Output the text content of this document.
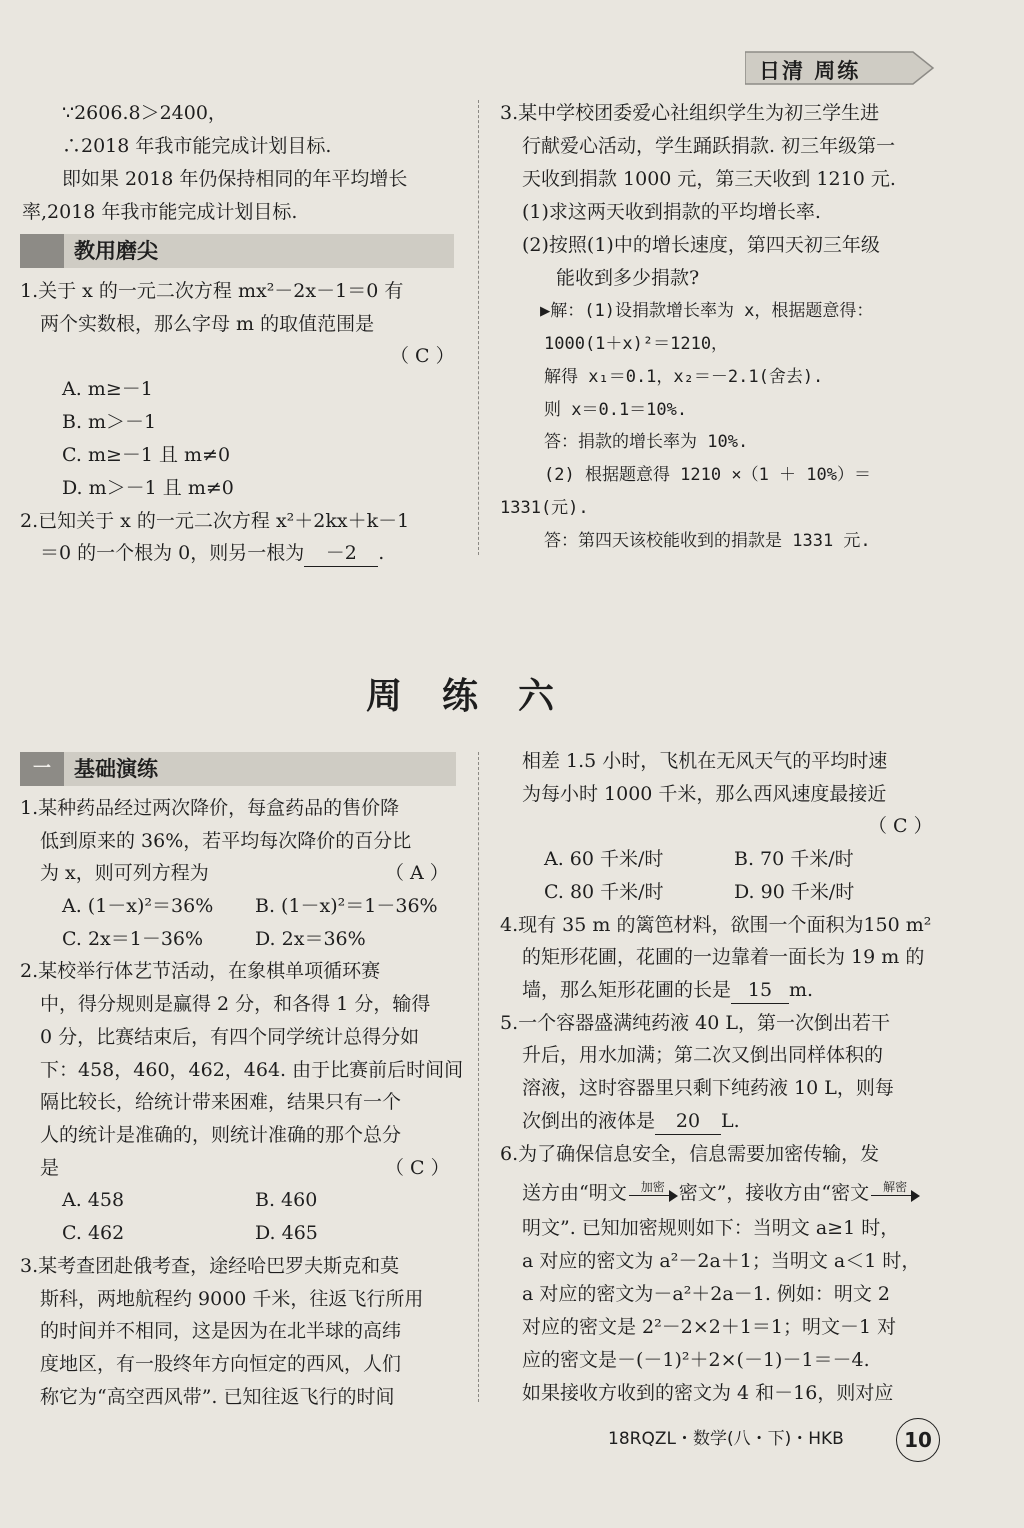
日清 周练
∵2606.8＞2400，
∴2018 年我市能完成计划目标.
即如果 2018 年仍保持相同的年平均增长
率,2018 年我市能完成计划目标.
教用磨尖
1.关于 x 的一元二次方程 mx²－2x－1＝0 有
两个实数根，那么字母 m 的取值范围是
（ C ）
A. m≥－1
B. m＞－1
C. m≥－1 且 m≠0
D. m＞－1 且 m≠0
2.已知关于 x 的一元二次方程 x²＋2kx＋k－1
＝0 的一个根为 0，则另一根为 －2 .
3.某中学校团委爱心社组织学生为初三学生进
行献爱心活动，学生踊跃捐款. 初三年级第一
天收到捐款 1000 元，第三天收到 1210 元.
(1)求这两天收到捐款的平均增长率.
(2)按照(1)中的增长速度，第四天初三年级
能收到多少捐款?
▶解：(1)设捐款增长率为 x，根据题意得：
1000(1＋x)²＝1210，
解得 x₁＝0.1，x₂＝－2.1(舍去).
则 x＝0.1＝10%.
答：捐款的增长率为 10%.
(2) 根据题意得 1210 ×（1 ＋ 10%）＝
1331(元).
答：第四天该校能收到的捐款是 1331 元.
周练六
一	基础演练
1.某种药品经过两次降价，每盒药品的售价降
低到原来的 36%，若平均每次降价的百分比
为 x，则可列方程为	（ A ）
A. (1－x)²＝36% B. (1－x)²＝1－36%
C. 2x＝1－36%	D. 2x＝36%
2.某校举行体艺节活动，在象棋单项循环赛
中，得分规则是赢得 2 分，和各得 1 分，输得
0 分，比赛结束后，有四个同学统计总得分如
下：458，460，462，464. 由于比赛前后时间间
隔比较长，给统计带来困难，结果只有一个
人的统计是准确的，则统计准确的那个总分
是	（ C ）
A. 458	B. 460
C. 462	D. 465
3.某考查团赴俄考查，途经哈巴罗夫斯克和莫
斯科，两地航程约 9000 千米，往返飞行所用
的时间并不相同，这是因为在北半球的高纬
度地区，有一股终年方向恒定的西风，人们
称它为“高空西风带”. 已知往返飞行的时间
相差 1.5 小时，飞机在无风天气的平均时速
为每小时 1000 千米，那么西风速度最接近
（ C ）
A. 60 千米/时	B. 70 千米/时
C. 80 千米/时	D. 90 千米/时
4.现有 35 m 的篱笆材料，欲围一个面积为150 m²
的矩形花圃，花圃的一边靠着一面长为 19 m 的
墙，那么矩形花圃的长是 15 m.
5.一个容器盛满纯药液 40 L，第一次倒出若干
升后，用水加满；第二次又倒出同样体积的
溶液，这时容器里只剩下纯药液 10 L，则每
次倒出的液体是 20 L.
6.为了确保信息安全，信息需要加密传输，发
送方由“明文	加密 密文”，接收方由“密文	解密
明文”. 已知加密规则如下：当明文 a≥1 时，
a 对应的密文为 a²－2a＋1；当明文 a＜1 时，
a 对应的密文为－a²＋2a－1. 例如：明文 2
对应的密文是 2²－2×2＋1＝1；明文－1 对
应的密文是－(－1)²＋2×(－1)－1＝－4.
如果接收方收到的密文为 4 和－16，则对应
18RQZL・数学(八・下)・HKB	10
